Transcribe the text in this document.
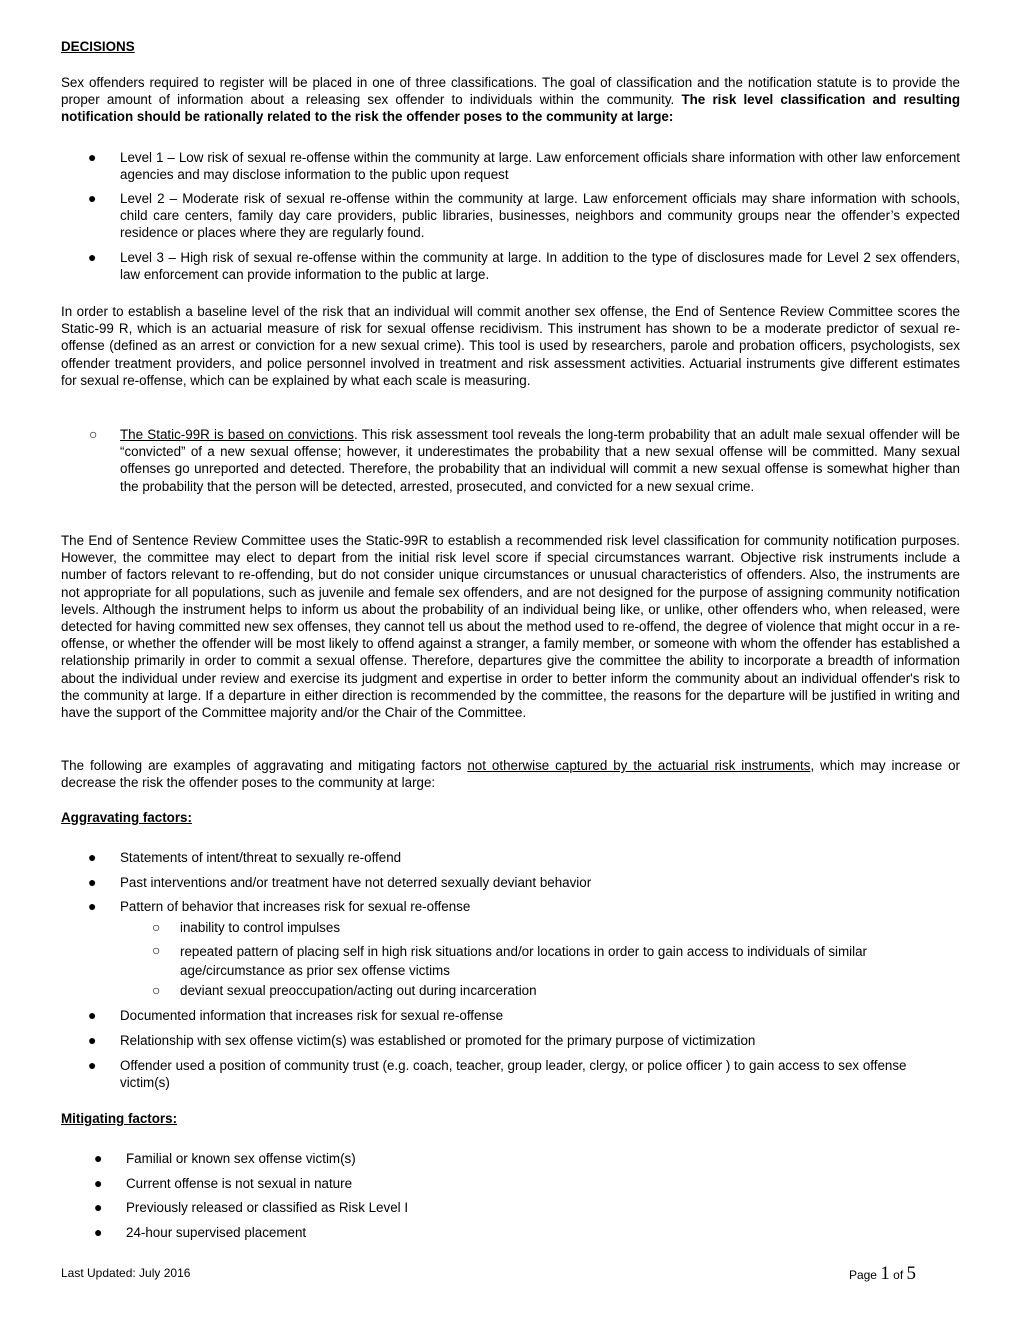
DECISIONS

Sex offenders required to register will be placed in one of three classifications. The goal of classification and the notification statute is to provide the proper amount of information about a releasing sex offender to individuals within the community. The risk level classification and resulting notification should be rationally related to the risk the offender poses to the community at large:

● Level 1 – Low risk of sexual re-offense within the community at large. Law enforcement officials share information with other law enforcement agencies and may disclose information to the public upon request
● Level 2 – Moderate risk of sexual re-offense within the community at large. Law enforcement officials may share information with schools, child care centers, family day care providers, public libraries, businesses, neighbors and community groups near the offender’s expected residence or places where they are regularly found.
● Level 3 – High risk of sexual re-offense within the community at large. In addition to the type of disclosures made for Level 2 sex offenders, law enforcement can provide information to the public at large.

In order to establish a baseline level of the risk that an individual will commit another sex offense, the End of Sentence Review Committee scores the Static-99 R, which is an actuarial measure of risk for sexual offense recidivism. This instrument has shown to be a moderate predictor of sexual re-offense (defined as an arrest or conviction for a new sexual crime). This tool is used by researchers, parole and probation officers, psychologists, sex offender treatment providers, and police personnel involved in treatment and risk assessment activities. Actuarial instruments give different estimates for sexual re-offense, which can be explained by what each scale is measuring.

○ The Static-99R is based on convictions. This risk assessment tool reveals the long-term probability that an adult male sexual offender will be “convicted” of a new sexual offense; however, it underestimates the probability that a new sexual offense will be committed. Many sexual offenses go unreported and detected. Therefore, the probability that an individual will commit a new sexual offense is somewhat higher than the probability that the person will be detected, arrested, prosecuted, and convicted for a new sexual crime.

The End of Sentence Review Committee uses the Static-99R to establish a recommended risk level classification for community notification purposes. However, the committee may elect to depart from the initial risk level score if special circumstances warrant. Objective risk instruments include a number of factors relevant to re-offending, but do not consider unique circumstances or unusual characteristics of offenders. Also, the instruments are not appropriate for all populations, such as juvenile and female sex offenders, and are not designed for the purpose of assigning community notification levels. Although the instrument helps to inform us about the probability of an individual being like, or unlike, other offenders who, when released, were detected for having committed new sex offenses, they cannot tell us about the method used to re-offend, the degree of violence that might occur in a re-offense, or whether the offender will be most likely to offend against a stranger, a family member, or someone with whom the offender has established a relationship primarily in order to commit a sexual offense. Therefore, departures give the committee the ability to incorporate a breadth of information about the individual under review and exercise its judgment and expertise in order to better inform the community about an individual offender's risk to the community at large. If a departure in either direction is recommended by the committee, the reasons for the departure will be justified in writing and have the support of the Committee majority and/or the Chair of the Committee.

The following are examples of aggravating and mitigating factors not otherwise captured by the actuarial risk instruments, which may increase or decrease the risk the offender poses to the community at large:

Aggravating factors:
● Statements of intent/threat to sexually re-offend
● Past interventions and/or treatment have not deterred sexually deviant behavior
● Pattern of behavior that increases risk for sexual re-offense
○ inability to control impulses
○ repeated pattern of placing self in high risk situations and/or locations in order to gain access to individuals of similar age/circumstance as prior sex offense victims
○ deviant sexual preoccupation/acting out during incarceration
● Documented information that increases risk for sexual re-offense
● Relationship with sex offense victim(s) was established or promoted for the primary purpose of victimization
● Offender used a position of community trust (e.g. coach, teacher, group leader, clergy, or police officer ) to gain access to sex offense victim(s)
Mitigating factors:
● Familial or known sex offense victim(s)
● Current offense is not sexual in nature
● Previously released or classified as Risk Level I
● 24-hour supervised placement
Last Updated: July 2016	Page 1 of 5
